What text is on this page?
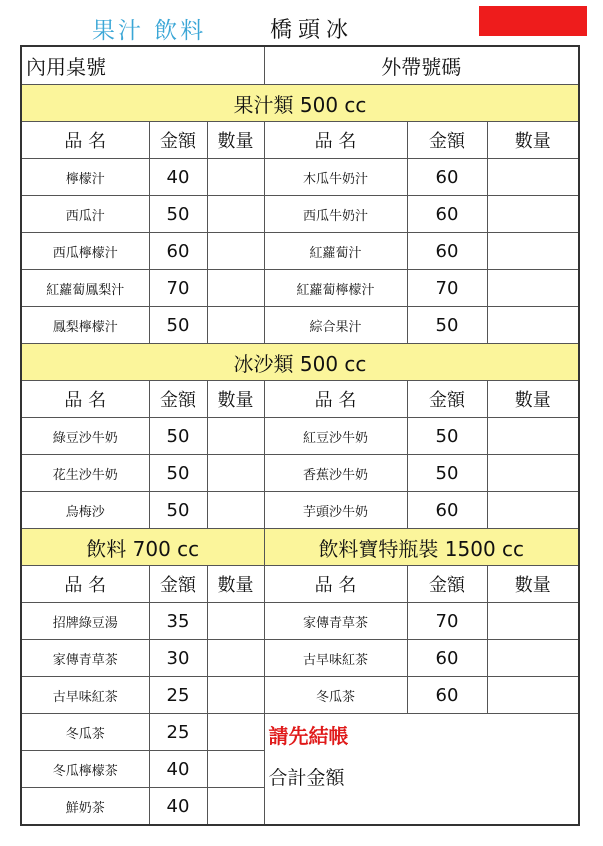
果汁 飲料	橋頭冰
內用桌號			外帶號碼		
果汁類 500 cc					
品 名	金額	數量	品 名	金額	數量
檸檬汁	40		木瓜牛奶汁	60	
西瓜汁	50		西瓜牛奶汁	60	
西瓜檸檬汁	60		紅蘿蔔汁	60	
紅蘿蔔鳳梨汁	70		紅蘿蔔檸檬汁	70	
鳳梨檸檬汁	50		綜合果汁	50	
冰沙類 500 cc					
品 名	金額	數量	品 名	金額	數量
綠豆沙牛奶	50		紅豆沙牛奶	50	
花生沙牛奶	50		香蕉沙牛奶	50	
烏梅沙	50		芋頭沙牛奶	60	
飲料 700 cc			飲料寶特瓶裝 1500 cc		
品 名	金額	數量	品 名	金額	數量
招牌綠豆湯	35		家傳青草茶	70	
家傳青草茶	30		古早味紅茶	60	
古早味紅茶	25		冬瓜茶	60	
冬瓜茶	25		請先結帳
合計金額		

冬瓜檸檬茶	40				
鮮奶茶	40				
